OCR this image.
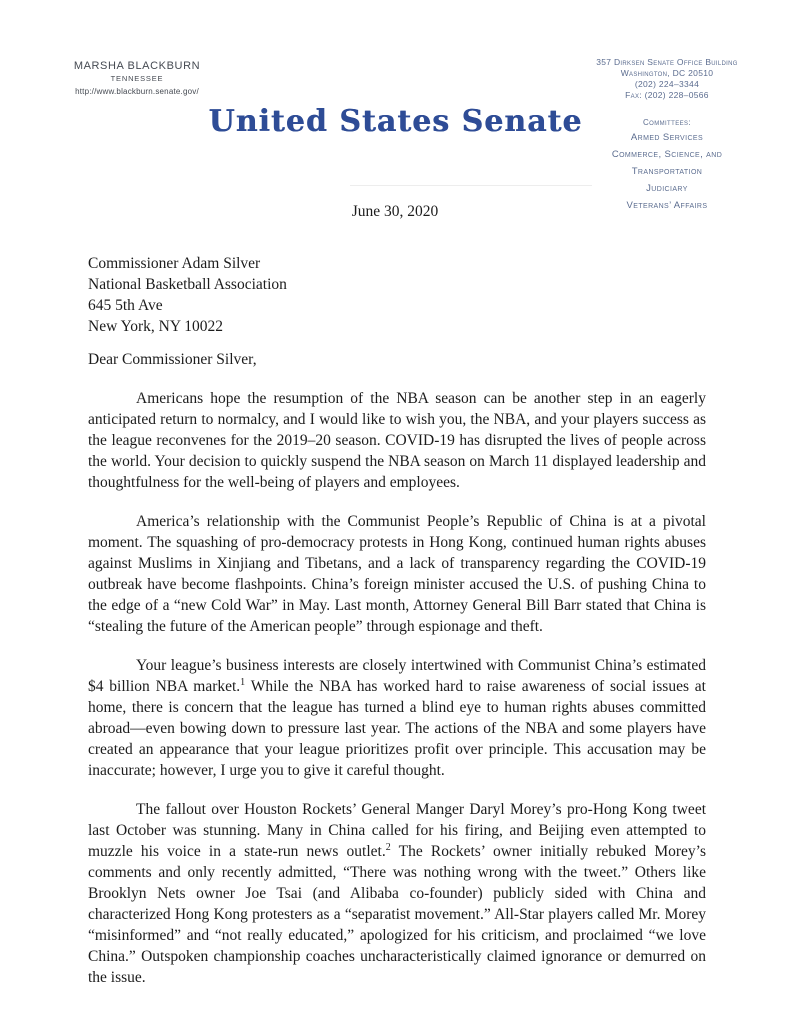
MARSHA BLACKBURN
TENNESSEE
http://www.blackburn.senate.gov/
United States Senate
357 Dirksen Senate Office Building
Washington, DC 20510
(202) 224–3344
Fax: (202) 228–0566
Committees:
Armed Services
Commerce, Science, and Transportation
Judiciary
Veterans’ Affairs
June 30, 2020
Commissioner Adam Silver
National Basketball Association
645 5th Ave
New York, NY 10022
Dear Commissioner Silver,

Americans hope the resumption of the NBA season can be another step in an eagerly anticipated return to normalcy, and I would like to wish you, the NBA, and your players success as the league reconvenes for the 2019–20 season. COVID-19 has disrupted the lives of people across the world. Your decision to quickly suspend the NBA season on March 11 displayed leadership and thoughtfulness for the well-being of players and employees.

America’s relationship with the Communist People’s Republic of China is at a pivotal moment. The squashing of pro-democracy protests in Hong Kong, continued human rights abuses against Muslims in Xinjiang and Tibetans, and a lack of transparency regarding the COVID-19 outbreak have become flashpoints. China’s foreign minister accused the U.S. of pushing China to the edge of a “new Cold War” in May. Last month, Attorney General Bill Barr stated that China is “stealing the future of the American people” through espionage and theft.

Your league’s business interests are closely intertwined with Communist China’s estimated $4 billion NBA market.$^1$ While the NBA has worked hard to raise awareness of social issues at home, there is concern that the league has turned a blind eye to human rights abuses committed abroad—even bowing down to pressure last year. The actions of the NBA and some players have created an appearance that your league prioritizes profit over principle. This accusation may be inaccurate; however, I urge you to give it careful thought.

The fallout over Houston Rockets’ General Manger Daryl Morey’s pro-Hong Kong tweet last October was stunning. Many in China called for his firing, and Beijing even attempted to muzzle his voice in a state-run news outlet.$^2$ The Rockets’ owner initially rebuked Morey’s comments and only recently admitted, “There was nothing wrong with the tweet.” Others like Brooklyn Nets owner Joe Tsai (and Alibaba co-founder) publicly sided with China and characterized Hong Kong protesters as a “separatist movement.” All-Star players called Mr. Morey “misinformed” and “not really educated,” apologized for his criticism, and proclaimed “we love China.” Outspoken championship coaches uncharacteristically claimed ignorance or demurred on the issue.
